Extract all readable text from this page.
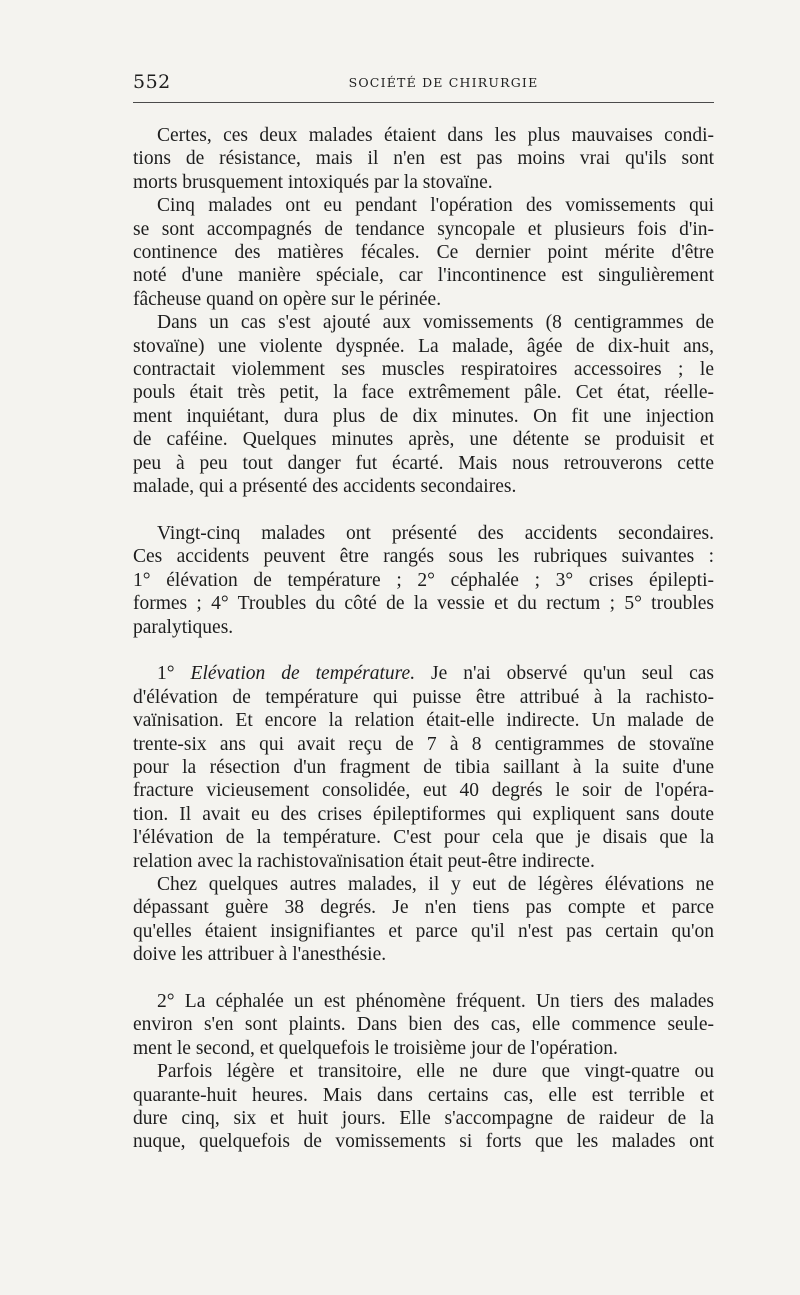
552	SOCIÉTÉ DE CHIRURGIE
Certes, ces deux malades étaient dans les plus mauvaises condi-
tions de résistance, mais il n'en est pas moins vrai qu'ils sont
morts brusquement intoxiqués par la stovaïne.
Cinq malades ont eu pendant l'opération des vomissements qui
se sont accompagnés de tendance syncopale et plusieurs fois d'in-
continence des matières fécales. Ce dernier point mérite d'être
noté d'une manière spéciale, car l'incontinence est singulièrement
fâcheuse quand on opère sur le périnée.
Dans un cas s'est ajouté aux vomissements (8 centigrammes de
stovaïne) une violente dyspnée. La malade, âgée de dix-huit ans,
contractait violemment ses muscles respiratoires accessoires ; le
pouls était très petit, la face extrêmement pâle. Cet état, réelle-
ment inquiétant, dura plus de dix minutes. On fit une injection
de caféine. Quelques minutes après, une détente se produisit et
peu à peu tout danger fut écarté. Mais nous retrouverons cette
malade, qui a présenté des accidents secondaires.
Vingt-cinq malades ont présenté des accidents secondaires.
Ces accidents peuvent être rangés sous les rubriques suivantes :
1° élévation de température ; 2° céphalée ; 3° crises épilepti-
formes ; 4° Troubles du côté de la vessie et du rectum ; 5° troubles
paralytiques.
1° Elévation de température. Je n'ai observé qu'un seul cas
d'élévation de température qui puisse être attribué à la rachisto-
vaïnisation. Et encore la relation était-elle indirecte. Un malade de
trente-six ans qui avait reçu de 7 à 8 centigrammes de stovaïne
pour la résection d'un fragment de tibia saillant à la suite d'une
fracture vicieusement consolidée, eut 40 degrés le soir de l'opéra-
tion. Il avait eu des crises épileptiformes qui expliquent sans doute
l'élévation de la température. C'est pour cela que je disais que la
relation avec la rachistovaïnisation était peut-être indirecte.
Chez quelques autres malades, il y eut de légères élévations ne
dépassant guère 38 degrés. Je n'en tiens pas compte et parce
qu'elles étaient insignifiantes et parce qu'il n'est pas certain qu'on
doive les attribuer à l'anesthésie.
2° La céphalée un est phénomène fréquent. Un tiers des malades
environ s'en sont plaints. Dans bien des cas, elle commence seule-
ment le second, et quelquefois le troisième jour de l'opération.
Parfois légère et transitoire, elle ne dure que vingt-quatre ou
quarante-huit heures. Mais dans certains cas, elle est terrible et
dure cinq, six et huit jours. Elle s'accompagne de raideur de la
nuque, quelquefois de vomissements si forts que les malades ont
